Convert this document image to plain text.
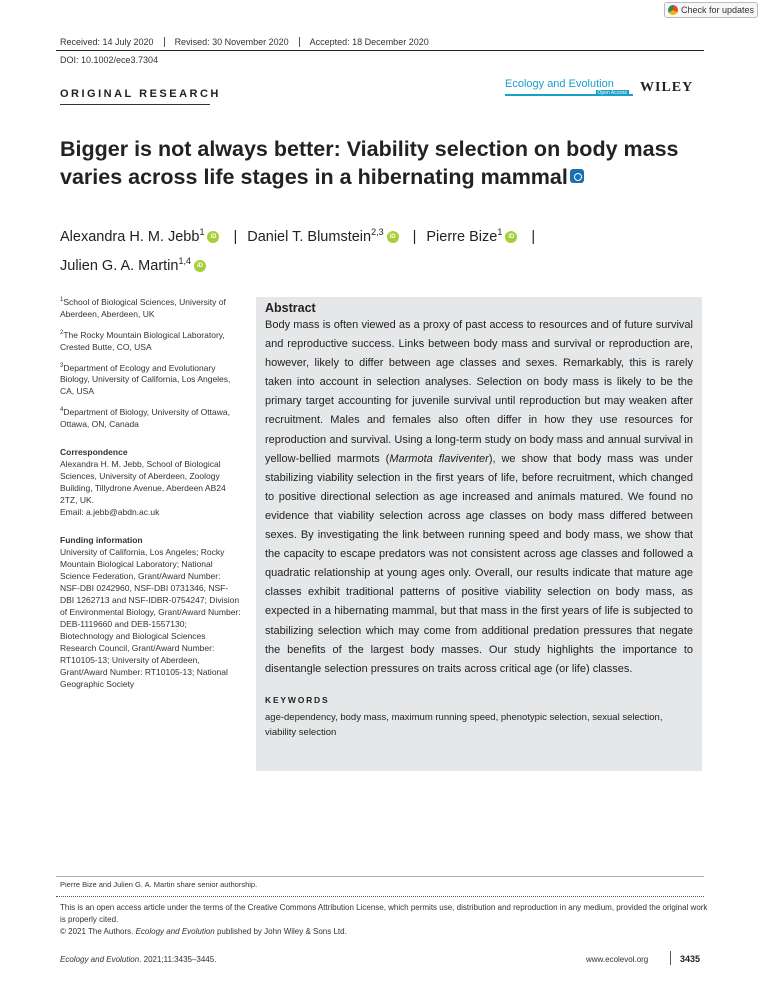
Check for updates
Received: 14 July 2020	Revised: 30 November 2020	Accepted: 18 December 2020
DOI: 10.1002/ece3.7304
ORIGINAL RESEARCH
Ecology and Evolution
Open Access WILEY
Bigger is not always better: Viability selection on body mass varies across life stages in a hibernating mammal
Alexandra H. M. Jebb$^1$ iD | Daniel T. Blumstein$^{2,3}$ iD | Pierre Bize$^1$ iD |
Julien G. A. Martin$^{1,4}$ iD
$^1$School of Biological Sciences, University of Aberdeen, Aberdeen, UK
$^2$The Rocky Mountain Biological Laboratory, Crested Butte, CO, USA
$^3$Department of Ecology and Evolutionary Biology, University of California, Los Angeles, CA, USA
$^4$Department of Biology, University of Ottawa, Ottawa, ON, Canada
Correspondence
Alexandra H. M. Jebb, School of Biological Sciences, University of Aberdeen, Zoology Building, Tillydrone Avenue, Aberdeen AB24 2TZ, UK.
Email: a.jebb@abdn.ac.uk
Funding information
University of California, Los Angeles; Rocky Mountain Biological Laboratory; National Science Federation, Grant/Award Number: NSF-DBI 0242960, NSF-DBI 0731346, NSF-DBI 1262713 and NSF-IDBR-0754247; Division of Environmental Biology, Grant/Award Number: DEB-1119660 and DEB-1557130; Biotechnology and Biological Sciences Research Council, Grant/Award Number: RT10105-13; University of Aberdeen, Grant/Award Number: RT10105-13; National Geographic Society
Abstract
Body mass is often viewed as a proxy of past access to resources and of future survival and reproductive success. Links between body mass and survival or reproduction are, however, likely to differ between age classes and sexes. Remarkably, this is rarely taken into account in selection analyses. Selection on body mass is likely to be the primary target accounting for juvenile survival until reproduction but may weaken after recruitment. Males and females also often differ in how they use resources for reproduction and survival. Using a long-term study on body mass and annual survival in yellow-bellied marmots (Marmota flaviventer), we show that body mass was under stabilizing viability selection in the first years of life, before recruitment, which changed to positive directional selection as age increased and animals matured. We found no evidence that viability selection across age classes on body mass differed between sexes. By investigating the link between running speed and body mass, we show that the capacity to escape predators was not consistent across age classes and followed a quadratic relationship at young ages only. Overall, our results indicate that mature age classes exhibit traditional patterns of positive viability selection on body mass, as expected in a hibernating mammal, but that mass in the first years of life is subjected to stabilizing selection which may come from additional predation pressures that negate the benefits of the largest body masses. Our study highlights the importance to disentangle selection pressures on traits across critical age (or life) classes.
KEYWORDS
age-dependency, body mass, maximum running speed, phenotypic selection, sexual selection, viability selection
Pierre Bize and Julien G. A. Martin share senior authorship.
This is an open access article under the terms of the Creative Commons Attribution License, which permits use, distribution and reproduction in any medium, provided the original work is properly cited.
© 2021 The Authors. Ecology and Evolution published by John Wiley & Sons Ltd.
Ecology and Evolution. 2021;11:3435–3445.	www.ecolevol.org	3435
